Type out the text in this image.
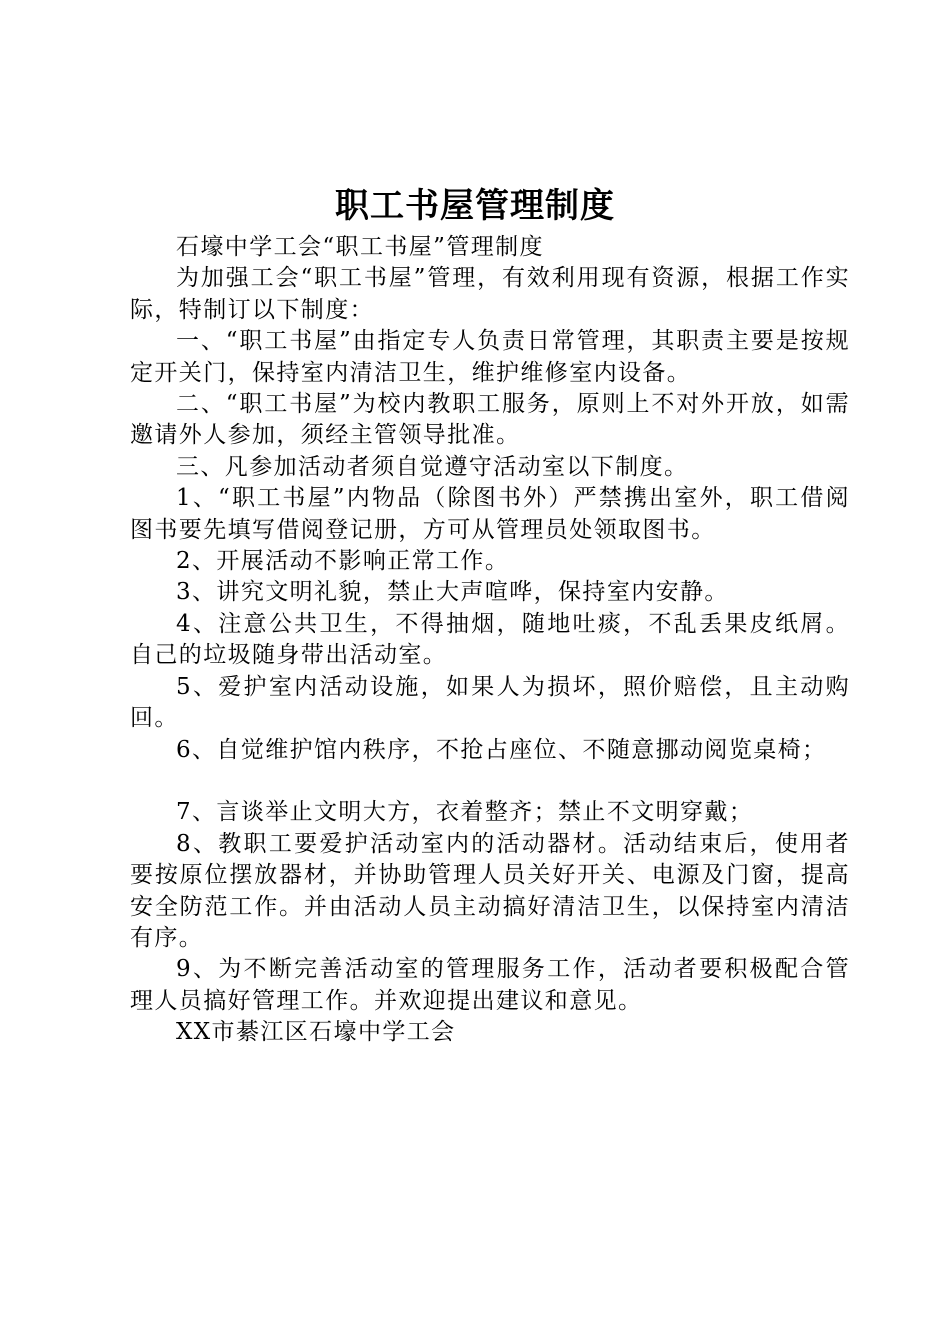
职工书屋管理制度

石壕中学工会“职工书屋”管理制度

为加强工会“职工书屋”管理，有效利用现有资源，根据工作实际，特制订以下制度：

一、“职工书屋”由指定专人负责日常管理，其职责主要是按规定开关门，保持室内清洁卫生，维护维修室内设备。

二、“职工书屋”为校内教职工服务，原则上不对外开放，如需邀请外人参加，须经主管领导批准。

三、凡参加活动者须自觉遵守活动室以下制度。

1、“职工书屋”内物品（除图书外）严禁携出室外，职工借阅图书要先填写借阅登记册，方可从管理员处领取图书。

2、开展活动不影响正常工作。

3、讲究文明礼貌，禁止大声喧哗，保持室内安静。

4、注意公共卫生，不得抽烟，随地吐痰，不乱丢果皮纸屑。自己的垃圾随身带出活动室。

5、爱护室内活动设施，如果人为损坏，照价赔偿，且主动购回。

6、自觉维护馆内秩序，不抢占座位、不随意挪动阅览桌椅；

7、言谈举止文明大方，衣着整齐；禁止不文明穿戴；

8、教职工要爱护活动室内的活动器材。活动结束后，使用者要按原位摆放器材，并协助管理人员关好开关、电源及门窗，提高安全防范工作。并由活动人员主动搞好清洁卫生，以保持室内清洁有序。

9、为不断完善活动室的管理服务工作，活动者要积极配合管理人员搞好管理工作。并欢迎提出建议和意见。

XX市綦江区石壕中学工会
